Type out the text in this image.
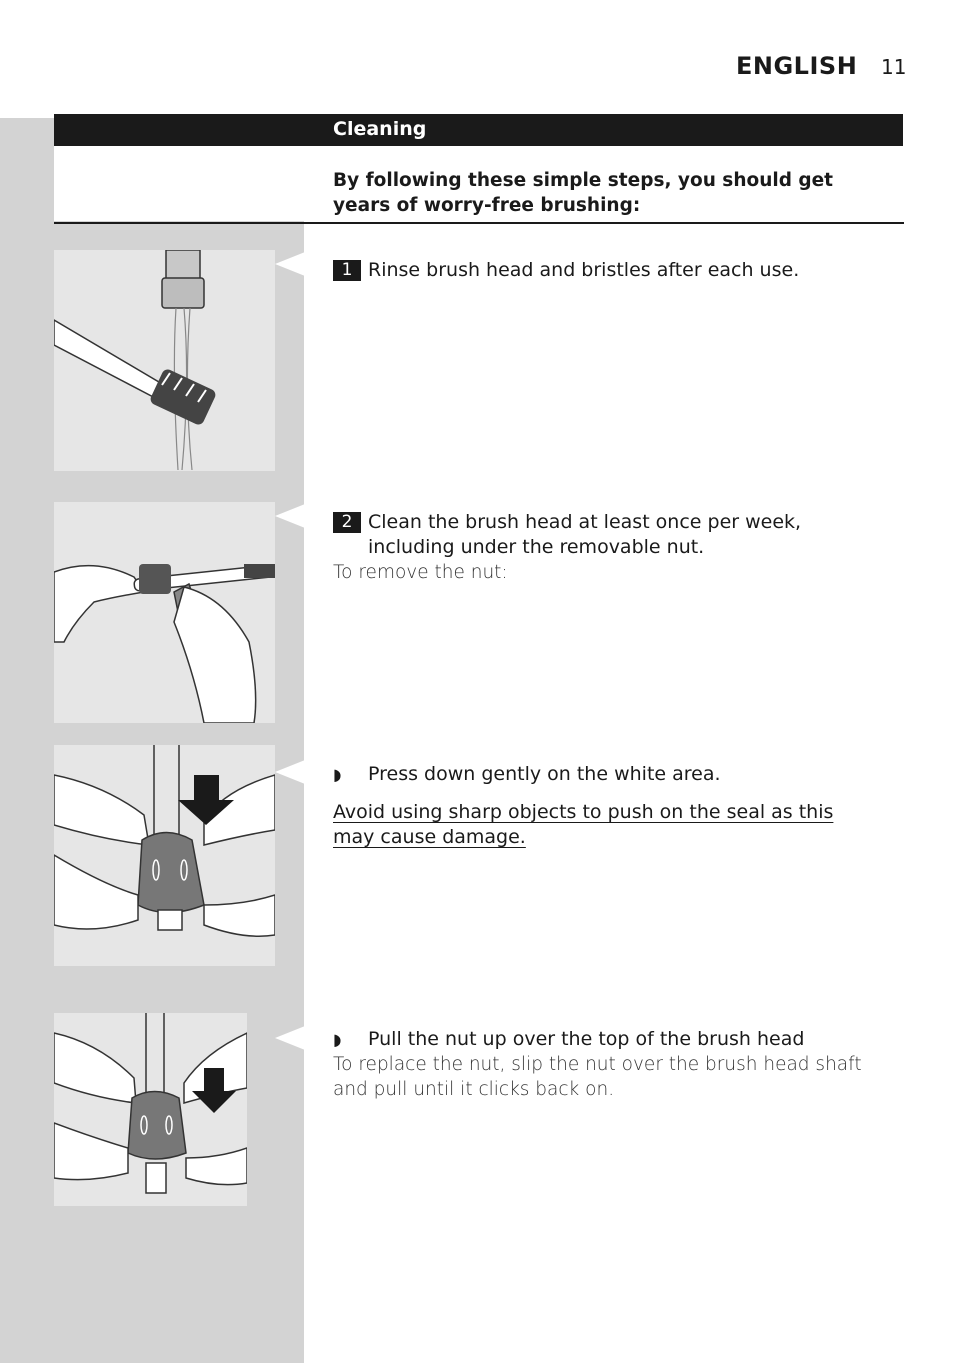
ENGLISH 11
Cleaning
By following these simple steps, you should get years of worry-free brushing:
1 Rinse brush head and bristles after each use.
2 Clean the brush head at least once per week, including under the removable nut.
To remove the nut:
◗ Press down gently on the white area.
Avoid using sharp objects to push on the seal as this may cause damage.
◗ Pull the nut up over the top of the brush head
To replace the nut, slip the nut over the brush head shaft and pull until it clicks back on.
